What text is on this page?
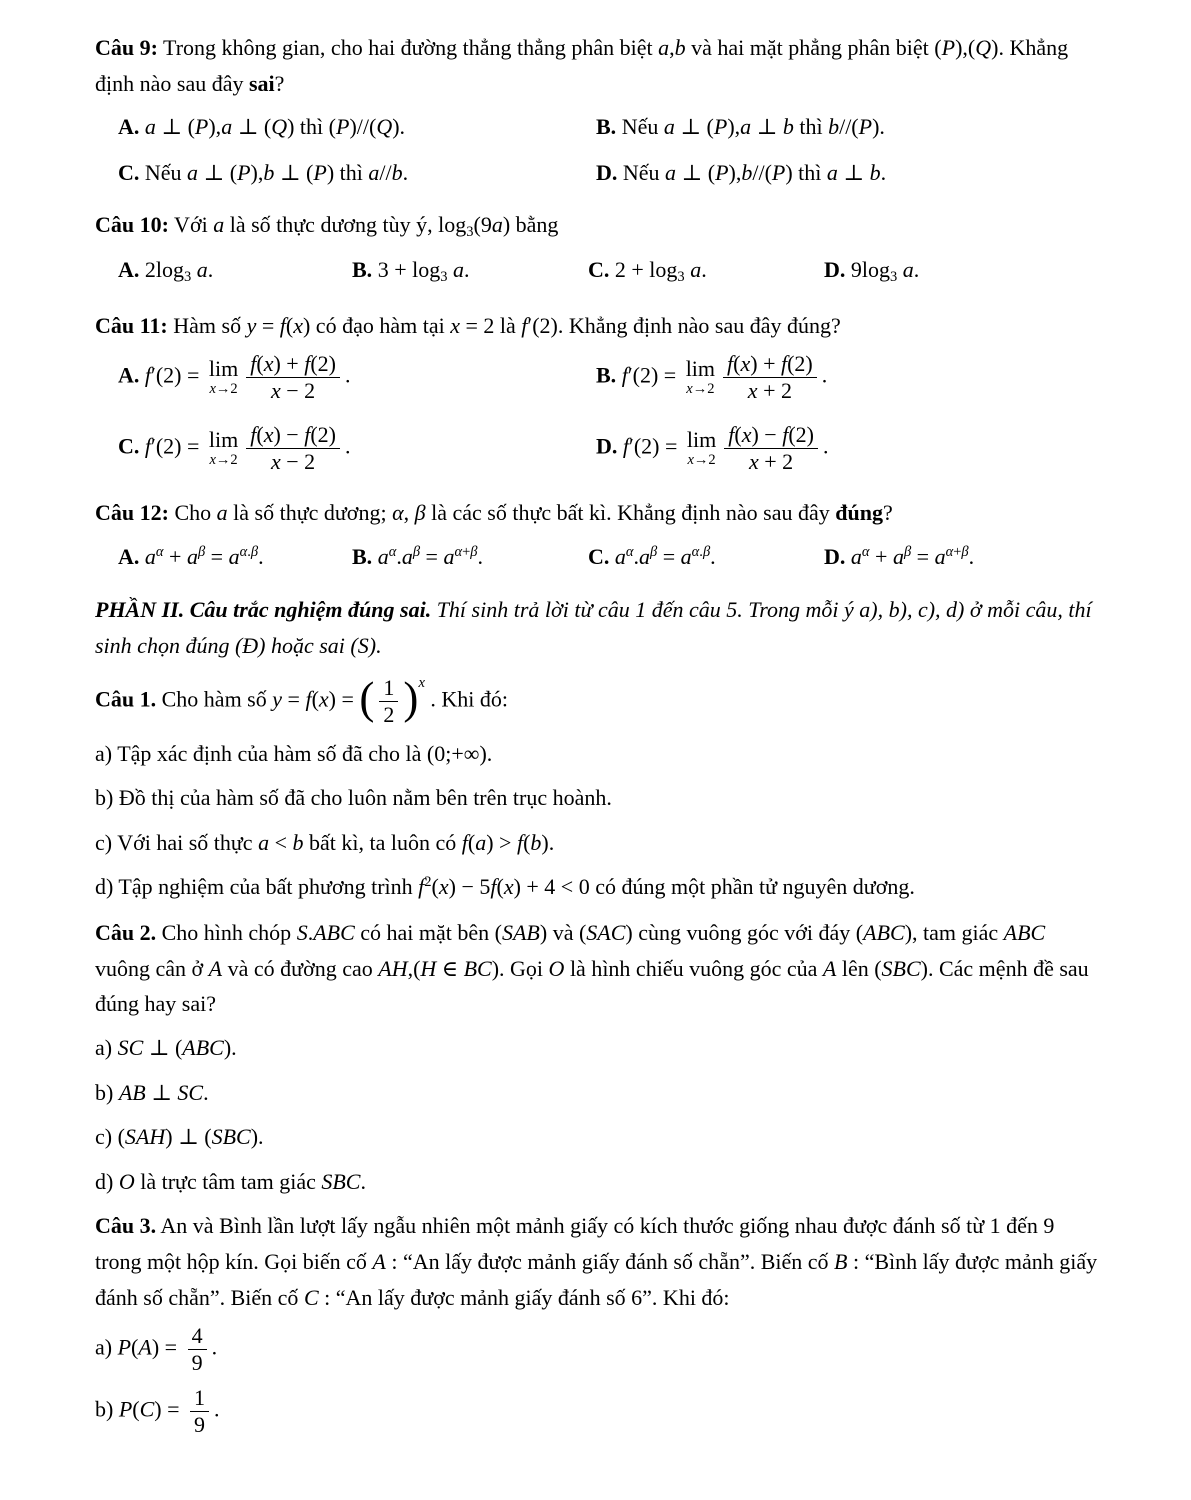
Câu 9: Trong không gian, cho hai đường thẳng thẳng phân biệt a,b và hai mặt phẳng phân biệt (P),(Q). Khẳng định nào sau đây sai?

A. a ⊥ (P),a ⊥ (Q) thì (P)//(Q).	B. Nếu a ⊥ (P),a ⊥ b thì b//(P).
C. Nếu a ⊥ (P),b ⊥ (P) thì a//b.	D. Nếu a ⊥ (P),b//(P) thì a ⊥ b.

Câu 10: Với a là số thực dương tùy ý, log3(9a) bằng

A. 2log3 a.	B. 3 + log3 a.	C. 2 + log3 a.	D. 9log3 a.

Câu 11: Hàm số y = f(x) có đạo hàm tại x = 2 là f′(2). Khẳng định nào sau đây đúng?

A. f′(2) = lim
$x\to 2 \frac{f(x) + f(2)}{x - 2}$ .	B. f′(2) = lim
$x\to 2 \frac{f(x) + f(2)}{x + 2}$ .
C. f′(2) = lim
$x\to 2 \frac{f(x) - f(2)}{x - 2}$ .	D. f′(2) = lim
$x\to 2 \frac{f(x) - f(2)}{x + 2}$ .

Câu 12: Cho a là số thực dương; α, β là các số thực bất kì. Khẳng định nào sau đây đúng?

A. $a^\alpha + a^\beta = a^{\alpha.\beta}$.	B. $a^\alpha.a^\beta = a^{\alpha+\beta}$.	C. $a^\alpha.a^\beta = a^{\alpha.\beta}$.	D. $a^\alpha + a^\beta = a^{\alpha+\beta}$.

PHẦN II. Câu trắc nghiệm đúng sai. Thí sinh trả lời từ câu 1 đến câu 5. Trong mỗi ý a), b), c), d) ở mỗi câu, thí sinh chọn đúng (Đ) hoặc sai (S).

Câu 1. Cho hàm số y = f(x) = ( $\frac{1}{2} )^x$ . Khi đó:

a) Tập xác định của hàm số đã cho là (0;+∞).
b) Đồ thị của hàm số đã cho luôn nằm bên trên trục hoành.
c) Với hai số thực a < b bất kì, ta luôn có f(a) > f(b).
d) Tập nghiệm của bất phương trình $f^2(x) - 5f(x) + 4 < 0$ có đúng một phần tử nguyên dương.

Câu 2. Cho hình chóp S.ABC có hai mặt bên (SAB) và (SAC) cùng vuông góc với đáy (ABC), tam giác ABC vuông cân ở A và có đường cao AH,(H ∈ BC). Gọi O là hình chiếu vuông góc của A lên (SBC). Các mệnh đề sau đúng hay sai?

a) SC ⊥ (ABC).
b) AB ⊥ SC.
c) (SAH) ⊥ (SBC).
d) O là trực tâm tam giác SBC.

Câu 3. An và Bình lần lượt lấy ngẫu nhiên một mảnh giấy có kích thước giống nhau được đánh số từ 1 đến 9 trong một hộp kín. Gọi biến cố A : “An lấy được mảnh giấy đánh số chẵn”. Biến cố B : “Bình lấy được mảnh giấy đánh số chẵn”. Biến cố C : “An lấy được mảnh giấy đánh số 6”. Khi đó:

a) $P(A) = \frac{4}{9}$ .
b) $P(C) = \frac{1}{9}$ .
